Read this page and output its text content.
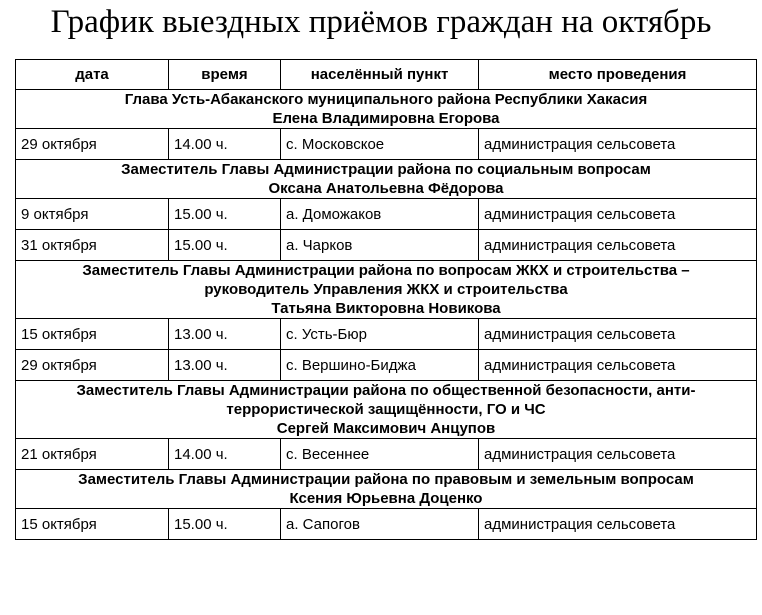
График выездных приёмов граждан на октябрь
дата	время	населённый пункт	место проведения

Глава Усть-Абаканского муниципального района Республики Хакасия
Елена Владимировна Егорова			

29 октября	14.00 ч.	с. Московское	администрация сельсовета

Заместитель Главы Администрации района по социальным вопросам
Оксана Анатольевна Фёдорова			

9 октября	15.00 ч.	а. Доможаков	администрация сельсовета
31 октября	15.00 ч.	а. Чарков	администрация сельсовета

Заместитель Главы Администрации района по вопросам ЖКХ и строительства –
руководитель Управления ЖКХ и строительства
Татьяна Викторовна Новикова			

15 октября	13.00 ч.	с. Усть-Бюр	администрация сельсовета
29 октября	13.00 ч.	с. Вершино-Биджа	администрация сельсовета

Заместитель Главы Администрации района по общественной безопасности, анти-
террористической защищённости, ГО и ЧС
Сергей Максимович Анцупов			

21 октября	14.00 ч.	с. Весеннее	администрация сельсовета

Заместитель Главы Администрации района по правовым и земельным вопросам
Ксения Юрьевна Доценко			

15 октября	15.00 ч.	а. Сапогов	администрация сельсовета
